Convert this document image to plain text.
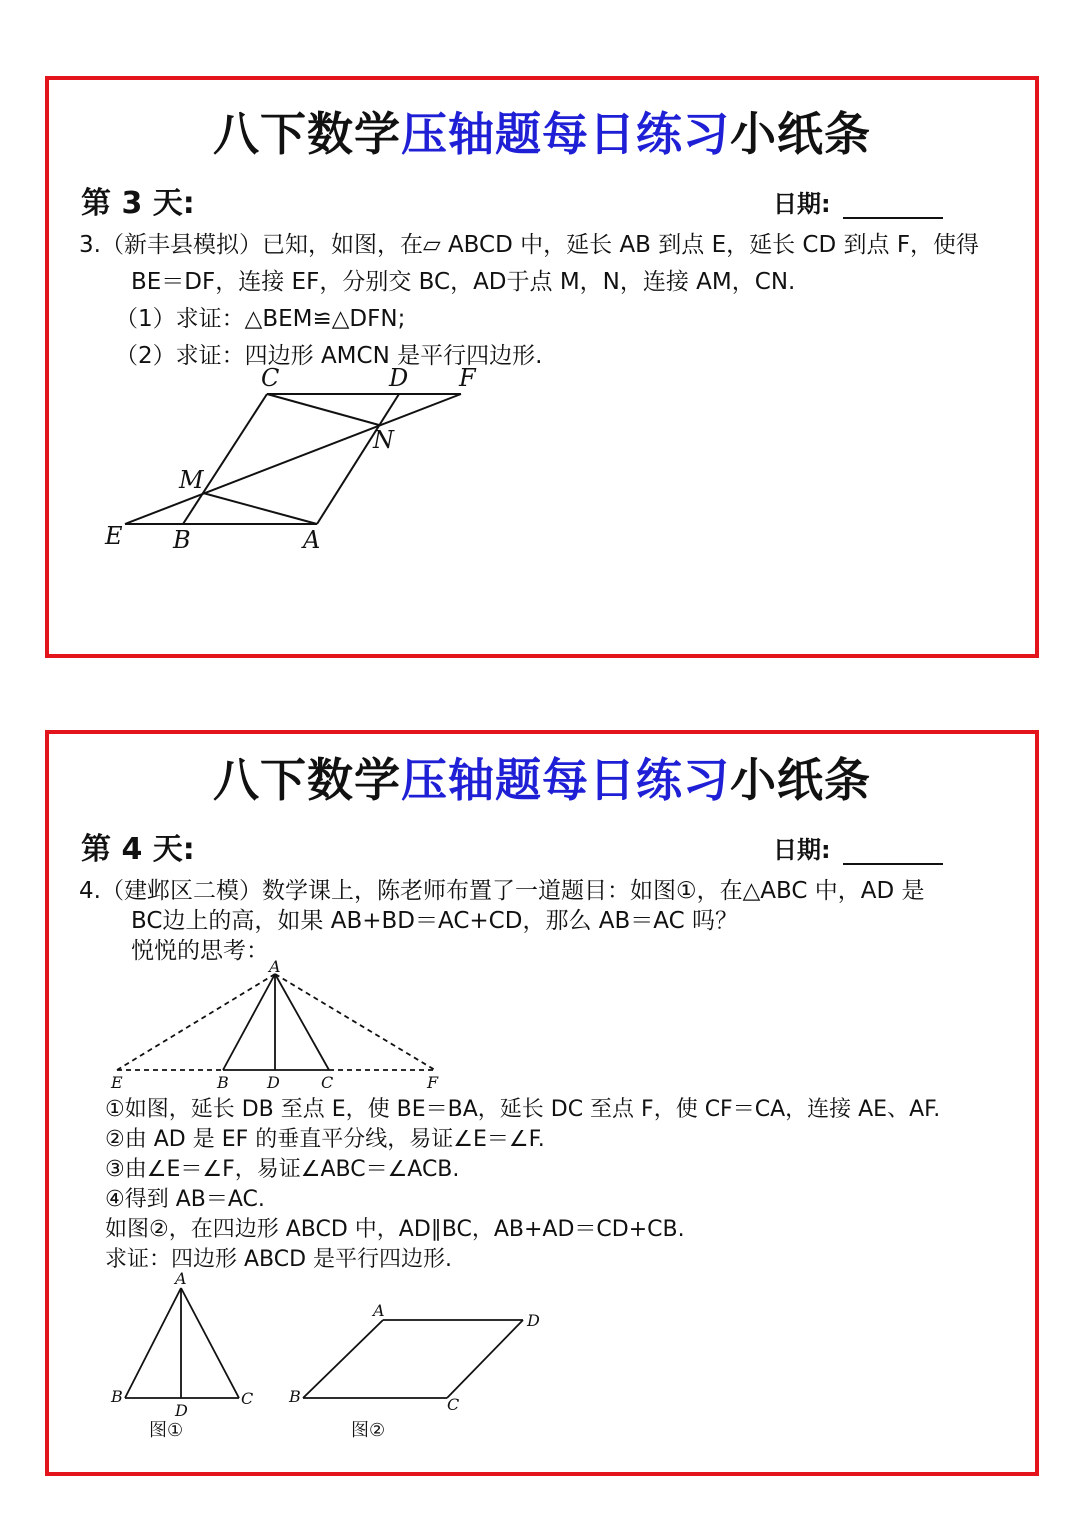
八下数学压轴题每日练习小纸条
第 3 天:	日期:
3.（新丰县模拟）已知，如图，在▱ ABCD 中，延长 AB 到点 E，延长 CD 到点 F，使得
BE＝DF，连接 EF，分别交 BC，AD于点 M，N，连接 AM，CN.
（1）求证：△BEM≌△DFN;
（2）求证：四边形 AMCN 是平行四边形.
C	D F
N
M
E B	A
八下数学压轴题每日练习小纸条
第 4 天:	日期:
4.（建邺区二模）数学课上，陈老师布置了一道题目：如图①，在△ABC 中，AD 是
BC边上的高，如果 AB+BD＝AC+CD，那么 AB＝AC 吗？
悦悦的思考：
①如图，延长 DB 至点 E，使 BE＝BA，延长 DC 至点 F，使 CF＝CA，连接 AE、AF.
②由 AD 是 EF 的垂直平分线，易证∠E＝∠F.
③由∠E＝∠F，易证∠ABC＝∠ACB.
④得到 AB＝AC.
如图②，在四边形 ABCD 中，AD∥BC，AB+AD＝CD+CB.
求证：四边形 ABCD 是平行四边形.
A
E	B D	C	F
A
B
D
C
图①
A
D
B	C
图②
